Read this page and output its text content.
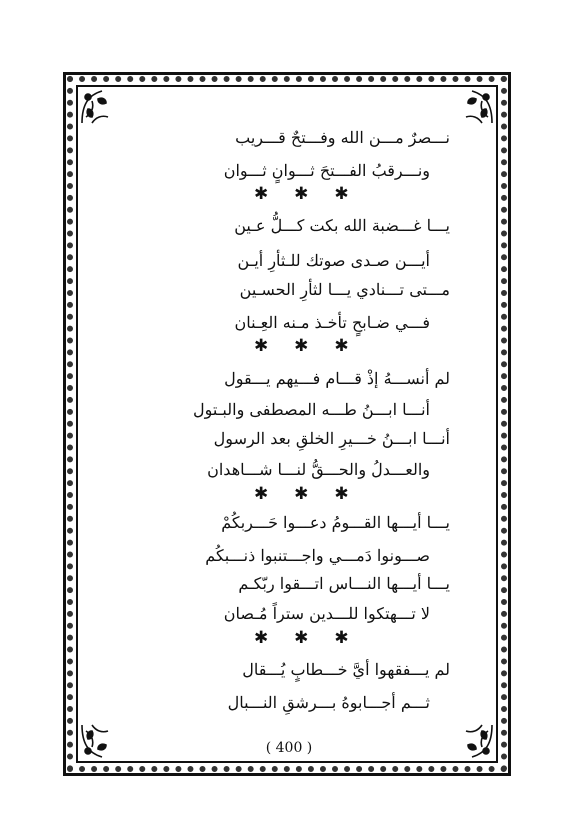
نـــصرٌ مـــن الله وفـــتحٌ قـــريب
ونـــرقبُ الفـــتحَ ثـــوانٍ ثـــوان
✱ ✱ ✱
يـــا غـــضبة الله بكت كـــلُّ عـين
أيـــن صـدى صوتك للـثأرِ أيـن
مـــتى تـــنادي يـــا لثأرِ الحسـين
فـــي ضـابحٍ تأخـذ مـنه العِـنان
✱ ✱ ✱
لم أنســـهُ إذْ قـــام فـــيهم يـــقول
أنـــا ابـــنُ طـــه المصطفى والبـتول
أنـــا ابـــنُ خـــيرِ الخلقِ بعد الرسول
والعـــدلُ والحـــقُّ لنـــا شـــاهدان
✱ ✱ ✱
يـــا أيـــها القـــومُ دعـــوا حَـــربكُمْ
صـــونوا دَمـــي واجـــتنبوا ذنـــبكُم
يـــا أيـــها النـــاس اتـــقوا ربّكـم
لا تـــهتكوا للـــدين ستراً مُـصان
✱ ✱ ✱
لم يـــفقهوا أيَّ خـــطابٍ يُـــقال
ثـــم أجـــابوهُ بـــرشقِ النـــبال
( 400 )
